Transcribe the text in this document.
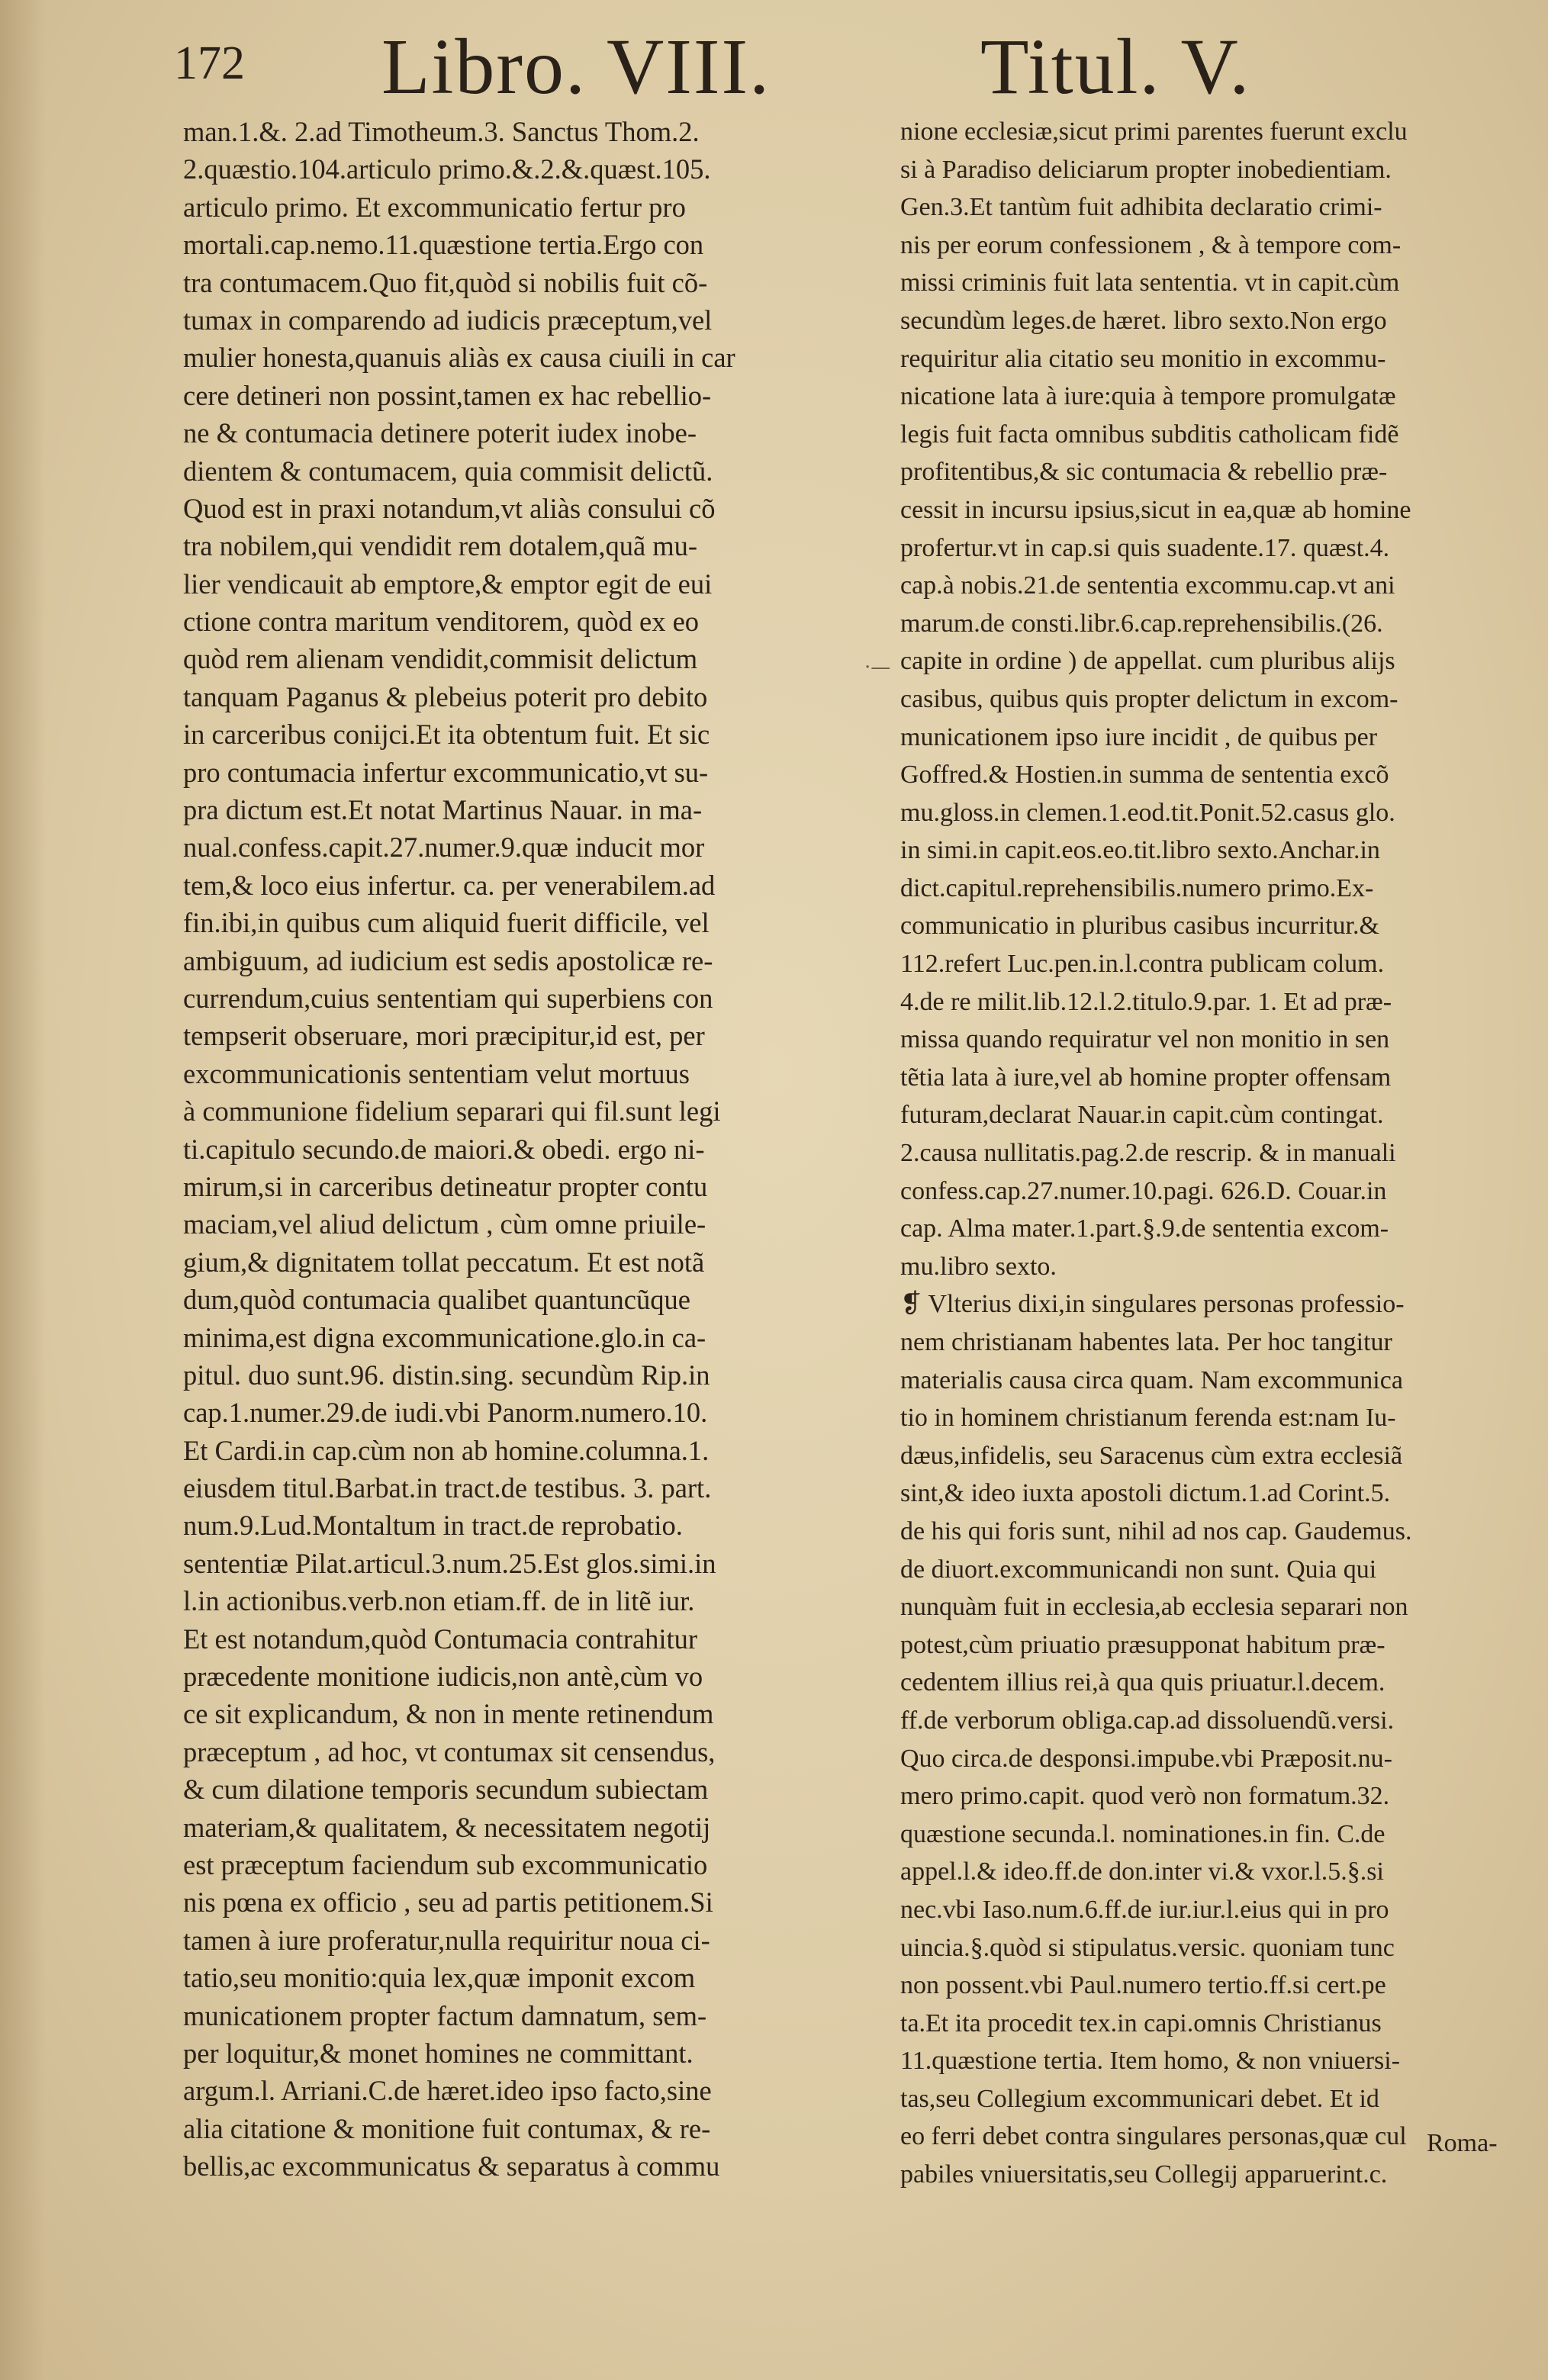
172 Libro. VIII.	Titul. V.
man.1.&. 2.ad Timotheum.3. Sanctus Thom.2.
2.quæstio.104.articulo primo.&.2.&.quæst.105.
articulo primo. Et excommunicatio fertur pro
mortali.cap.nemo.11.quæstione tertia.Ergo con
tra contumacem.Quo fit,quòd si nobilis fuit cõ-
tumax in comparendo ad iudicis præceptum,vel
mulier honesta,quanuis aliàs ex causa ciuili in car
cere detineri non possint,tamen ex hac rebellio-
ne & contumacia detinere poterit iudex inobe-
dientem & contumacem, quia commisit delictũ.
Quod est in praxi notandum,vt aliàs consului cõ
tra nobilem,qui vendidit rem dotalem,quã mu-
lier vendicauit ab emptore,& emptor egit de eui
ctione contra maritum venditorem, quòd ex eo
quòd rem alienam vendidit,commisit delictum
tanquam Paganus & plebeius poterit pro debito
in carceribus conijci.Et ita obtentum fuit. Et sic
pro contumacia infertur excommunicatio,vt su-
pra dictum est.Et notat Martinus Nauar. in ma-
nual.confess.capit.27.numer.9.quæ inducit mor
tem,& loco eius infertur. ca. per venerabilem.ad
fin.ibi,in quibus cum aliquid fuerit difficile, vel
ambiguum, ad iudicium est sedis apostolicæ re-
currendum,cuius sententiam qui superbiens con
tempserit obseruare, mori præcipitur,id est, per
excommunicationis sententiam velut mortuus
à communione fidelium separari qui fil.sunt legi
ti.capitulo secundo.de maiori.& obedi. ergo ni-
mirum,si in carceribus detineatur propter contu
maciam,vel aliud delictum , cùm omne priuile-
gium,& dignitatem tollat peccatum. Et est notã
dum,quòd contumacia qualibet quantuncũque
minima,est digna excommunicatione.glo.in ca-
pitul. duo sunt.96. distin.sing. secundùm Rip.in
cap.1.numer.29.de iudi.vbi Panorm.numero.10.
Et Cardi.in cap.cùm non ab homine.columna.1.
eiusdem titul.Barbat.in tract.de testibus. 3. part.
num.9.Lud.Montaltum in tract.de reprobatio.
sententiæ Pilat.articul.3.num.25.Est glos.simi.in
l.in actionibus.verb.non etiam.ff. de in litẽ iur.
Et est notandum,quòd Contumacia contrahitur
præcedente monitione iudicis,non antè,cùm vo
ce sit explicandum, & non in mente retinendum
præceptum , ad hoc, vt contumax sit censendus,
& cum dilatione temporis secundum subiectam
materiam,& qualitatem, & necessitatem negotij
est præceptum faciendum sub excommunicatio
nis pœna ex officio , seu ad partis petitionem.Si
tamen à iure proferatur,nulla requiritur noua ci-
tatio,seu monitio:quia lex,quæ imponit excom
municationem propter factum damnatum, sem-
per loquitur,& monet homines ne committant.
argum.l. Arriani.C.de hæret.ideo ipso facto,sine
alia citatione & monitione fuit contumax, & re-
bellis,ac excommunicatus & separatus à commu
nione ecclesiæ,sicut primi parentes fuerunt exclu
si à Paradiso deliciarum propter inobedientiam.
Gen.3.Et tantùm fuit adhibita declaratio crimi-
nis per eorum confessionem , & à tempore com-
missi criminis fuit lata sententia. vt in capit.cùm
secundùm leges.de hæret. libro sexto.Non ergo
requiritur alia citatio seu monitio in excommu-
nicatione lata à iure:quia à tempore promulgatæ
legis fuit facta omnibus subditis catholicam fidẽ
profitentibus,& sic contumacia & rebellio præ-
cessit in incursu ipsius,sicut in ea,quæ ab homine
profertur.vt in cap.si quis suadente.17. quæst.4.
cap.à nobis.21.de sententia excommu.cap.vt ani
marum.de consti.libr.6.cap.reprehensibilis.(26.
capite in ordine ) de appellat. cum pluribus alijs
casibus, quibus quis propter delictum in excom-
municationem ipso iure incidit , de quibus per
Goffred.& Hostien.in summa de sententia excõ
mu.gloss.in clemen.1.eod.tit.Ponit.52.casus glo.
in simi.in capit.eos.eo.tit.libro sexto.Anchar.in
dict.capitul.reprehensibilis.numero primo.Ex-
communicatio in pluribus casibus incurritur.&
112.refert Luc.pen.in.l.contra publicam colum.
4.de re milit.lib.12.l.2.titulo.9.par. 1. Et ad præ-
missa quando requiratur vel non monitio in sen
tẽtia lata à iure,vel ab homine propter offensam
futuram,declarat Nauar.in capit.cùm contingat.
2.causa nullitatis.pag.2.de rescrip. & in manuali
confess.cap.27.numer.10.pagi. 626.D. Couar.in
cap. Alma mater.1.part.§.9.de sententia excom-
mu.libro sexto.
❡ Vlterius dixi,in singulares personas professio-
nem christianam habentes lata. Per hoc tangitur
materialis causa circa quam. Nam excommunica
tio in hominem christianum ferenda est:nam Iu-
dæus,infidelis, seu Saracenus cùm extra ecclesiã
sint,& ideo iuxta apostoli dictum.1.ad Corint.5.
de his qui foris sunt, nihil ad nos cap. Gaudemus.
de diuort.excommunicandi non sunt. Quia qui
nunquàm fuit in ecclesia,ab ecclesia separari non
potest,cùm priuatio præsupponat habitum præ-
cedentem illius rei,à qua quis priuatur.l.decem.
ff.de verborum obliga.cap.ad dissoluendũ.versi.
Quo circa.de desponsi.impube.vbi Præposit.nu-
mero primo.capit. quod verò non formatum.32.
quæstione secunda.l. nominationes.in fin. C.de
appel.l.& ideo.ff.de don.inter vi.& vxor.l.5.§.si
nec.vbi Iaso.num.6.ff.de iur.iur.l.eius qui in pro
uincia.§.quòd si stipulatus.versic. quoniam tunc
non possent.vbi Paul.numero tertio.ff.si cert.pe
ta.Et ita procedit tex.in capi.omnis Christianus
11.quæstione tertia. Item homo, & non vniuersi-
tas,seu Collegium excommunicari debet. Et id
eo ferri debet contra singulares personas,quæ cul
pabiles vniuersitatis,seu Collegij apparuerint.c.
·—
Roma-
